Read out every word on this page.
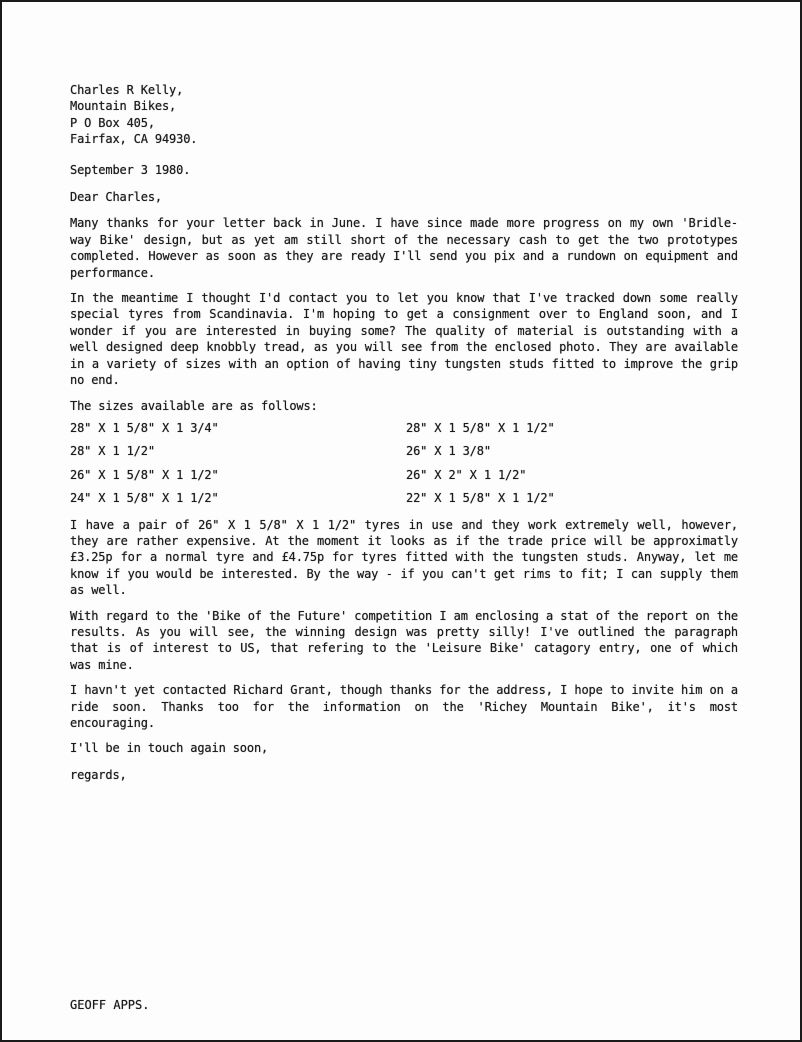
Charles R Kelly,
Mountain Bikes,
P O Box 405,
Fairfax, CA 94930.
September 3 1980.
Dear Charles,
Many thanks for your letter back in June. I have since made more progress on my own 'Bridle-way Bike' design, but as yet am still short of the necessary cash to get the two prototypes completed. However as soon as they are ready I'll send you pix and a rundown on equipment and performance.
In the meantime I thought I'd contact you to let you know that I've tracked down some really special tyres from Scandinavia. I'm hoping to get a consignment over to England soon, and I wonder if you are interested in buying some? The quality of material is outstanding with a well designed deep knobbly tread, as you will see from the enclosed photo. They are available in a variety of sizes with an option of having tiny tungsten studs fitted to improve the grip no end.
The sizes available are as follows:
28" X 1 5/8" X 1 3/4"	28" X 1 5/8" X 1 1/2"
28" X 1 1/2"	26" X 1 3/8"
26" X 1 5/8" X 1 1/2"	26" X 2" X 1 1/2"
24" X 1 5/8" X 1 1/2"	22" X 1 5/8" X 1 1/2"
I have a pair of 26" X 1 5/8" X 1 1/2" tyres in use and they work extremely well, however, they are rather expensive. At the moment it looks as if the trade price will be approximatly £3.25p for a normal tyre and £4.75p for tyres fitted with the tungsten studs. Anyway, let me know if you would be interested. By the way - if you can't get rims to fit; I can supply them as well.
With regard to the 'Bike of the Future' competition I am enclosing a stat of the report on the results. As you will see, the winning design was pretty silly! I've outlined the paragraph that is of interest to US, that refering to the 'Leisure Bike' catagory entry, one of which was mine.
I havn't yet contacted Richard Grant, though thanks for the address, I hope to invite him on a ride soon. Thanks too for the information on the 'Richey Mountain Bike', it's most encouraging.
I'll be in touch again soon,
regards,
GEOFF APPS.
